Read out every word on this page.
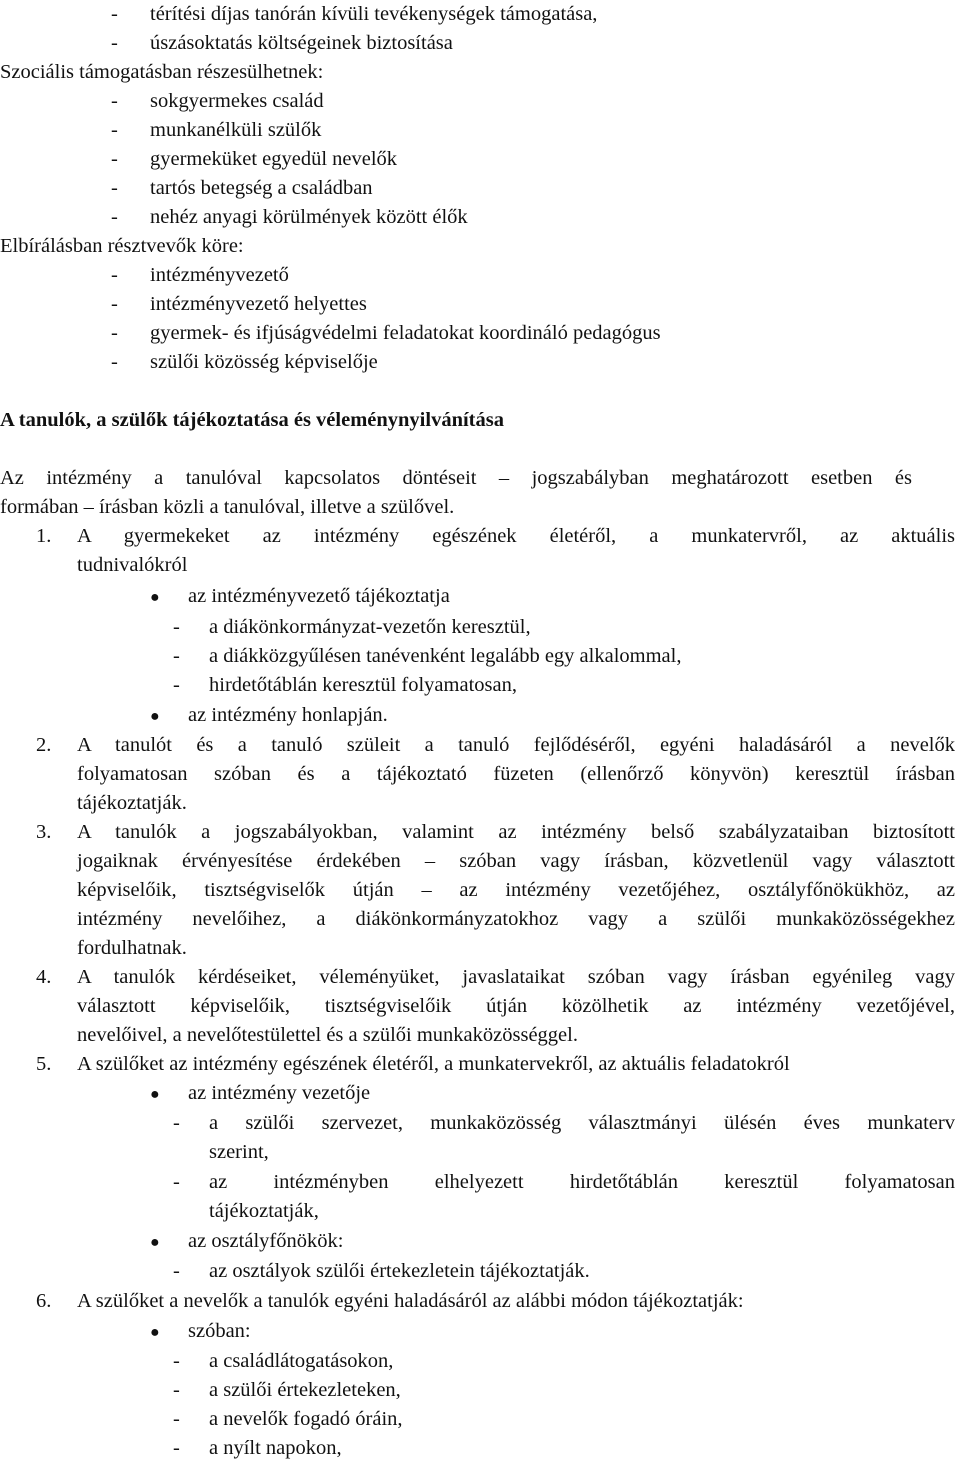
- térítési díjas tanórán kívüli tevékenységek támogatása,
- úszásoktatás költségeinek biztosítása
Szociális támogatásban részesülhetnek:
- sokgyermekes család
- munkanélküli szülők
- gyermeküket egyedül nevelők
- tartós betegség a családban
- nehéz anyagi körülmények között élők
Elbírálásban résztvevők köre:
- intézményvezető
- intézményvezető helyettes
- gyermek- és ifjúságvédelmi feladatokat koordináló pedagógus
- szülői közösség képviselője
A tanulók, a szülők tájékoztatása és véleménynyilvánítása
Az intézmény a tanulóval kapcsolatos döntéseit – jogszabályban meghatározott esetben és
formában – írásban közli a tanulóval, illetve a szülővel.
1. A gyermekeket az intézmény egészének életéről, a munkatervről, az aktuális
tudnivalókról
● az intézményvezető tájékoztatja
- a diákönkormányzat-vezetőn keresztül,
- a diákközgyűlésen tanévenként legalább egy alkalommal,
- hirdetőtáblán keresztül folyamatosan,
● az intézmény honlapján.
2. A tanulót és a tanuló szüleit a tanuló fejlődéséről, egyéni haladásáról a nevelők
folyamatosan szóban és a tájékoztató füzeten (ellenőrző könyvön) keresztül írásban
tájékoztatják.
3. A tanulók a jogszabályokban, valamint az intézmény belső szabályzataiban biztosított
jogaiknak érvényesítése érdekében – szóban vagy írásban, közvetlenül vagy választott
képviselőik, tisztségviselők útján – az intézmény vezetőjéhez, osztályfőnökükhöz, az
intézmény nevelőihez, a diákönkormányzatokhoz vagy a szülői munkaközösségekhez
fordulhatnak.
4. A tanulók kérdéseiket, véleményüket, javaslataikat szóban vagy írásban egyénileg vagy
választott képviselőik, tisztségviselőik útján közölhetik az intézmény vezetőjével,
nevelőivel, a nevelőtestülettel és a szülői munkaközösséggel.
5. A szülőket az intézmény egészének életéről, a munkatervekről, az aktuális feladatokról
● az intézmény vezetője
- a szülői szervezet, munkaközösség választmányi ülésén éves munkaterv
szerint,
- az intézményben elhelyezett hirdetőtáblán keresztül folyamatosan
tájékoztatják,
● az osztályfőnökök:
- az osztályok szülői értekezletein tájékoztatják.
6. A szülőket a nevelők a tanulók egyéni haladásáról az alábbi módon tájékoztatják:
● szóban:
- a családlátogatásokon,
- a szülői értekezleteken,
- a nevelők fogadó óráin,
- a nyílt napokon,
